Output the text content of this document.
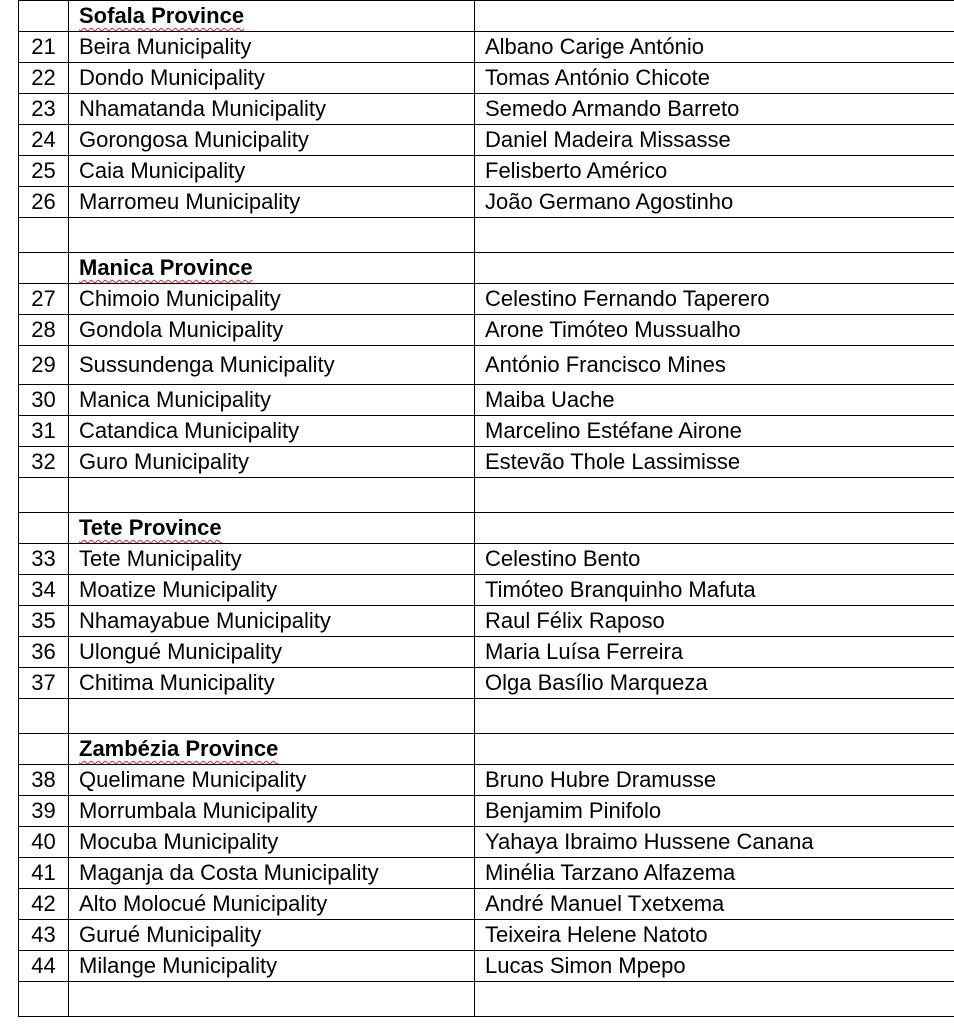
	Sofala Province	
21	Beira Municipality	Albano Carige António
22	Dondo Municipality	Tomas António Chicote
23	Nhamatanda Municipality	Semedo Armando Barreto
24	Gorongosa Municipality	Daniel Madeira Missasse
25	Caia Municipality	Felisberto Américo
26	Marromeu Municipality	João Germano Agostinho

	Manica Province	
27	Chimoio Municipality	Celestino Fernando Taperero
28	Gondola Municipality	Arone Timóteo Mussualho
29	Sussundenga Municipality	António Francisco Mines
30	Manica Municipality	Maiba Uache
31	Catandica Municipality	Marcelino Estéfane Airone
32	Guro Municipality	Estevão Thole Lassimisse

	Tete Province	
33	Tete Municipality	Celestino Bento
34	Moatize Municipality	Timóteo Branquinho Mafuta
35	Nhamayabue Municipality	Raul Félix Raposo
36	Ulongué Municipality	Maria Luísa Ferreira
37	Chitima Municipality	Olga Basílio Marqueza

	Zambézia Province	
38	Quelimane Municipality	Bruno Hubre Dramusse
39	Morrumbala Municipality	Benjamim Pinifolo
40	Mocuba Municipality	Yahaya Ibraimo Hussene Canana
41	Maganja da Costa Municipality	Minélia Tarzano Alfazema
42	Alto Molocué Municipality	André Manuel Txetxema
43	Gurué Municipality	Teixeira Helene Natoto
44	Milange Municipality	Lucas Simon Mpepo
